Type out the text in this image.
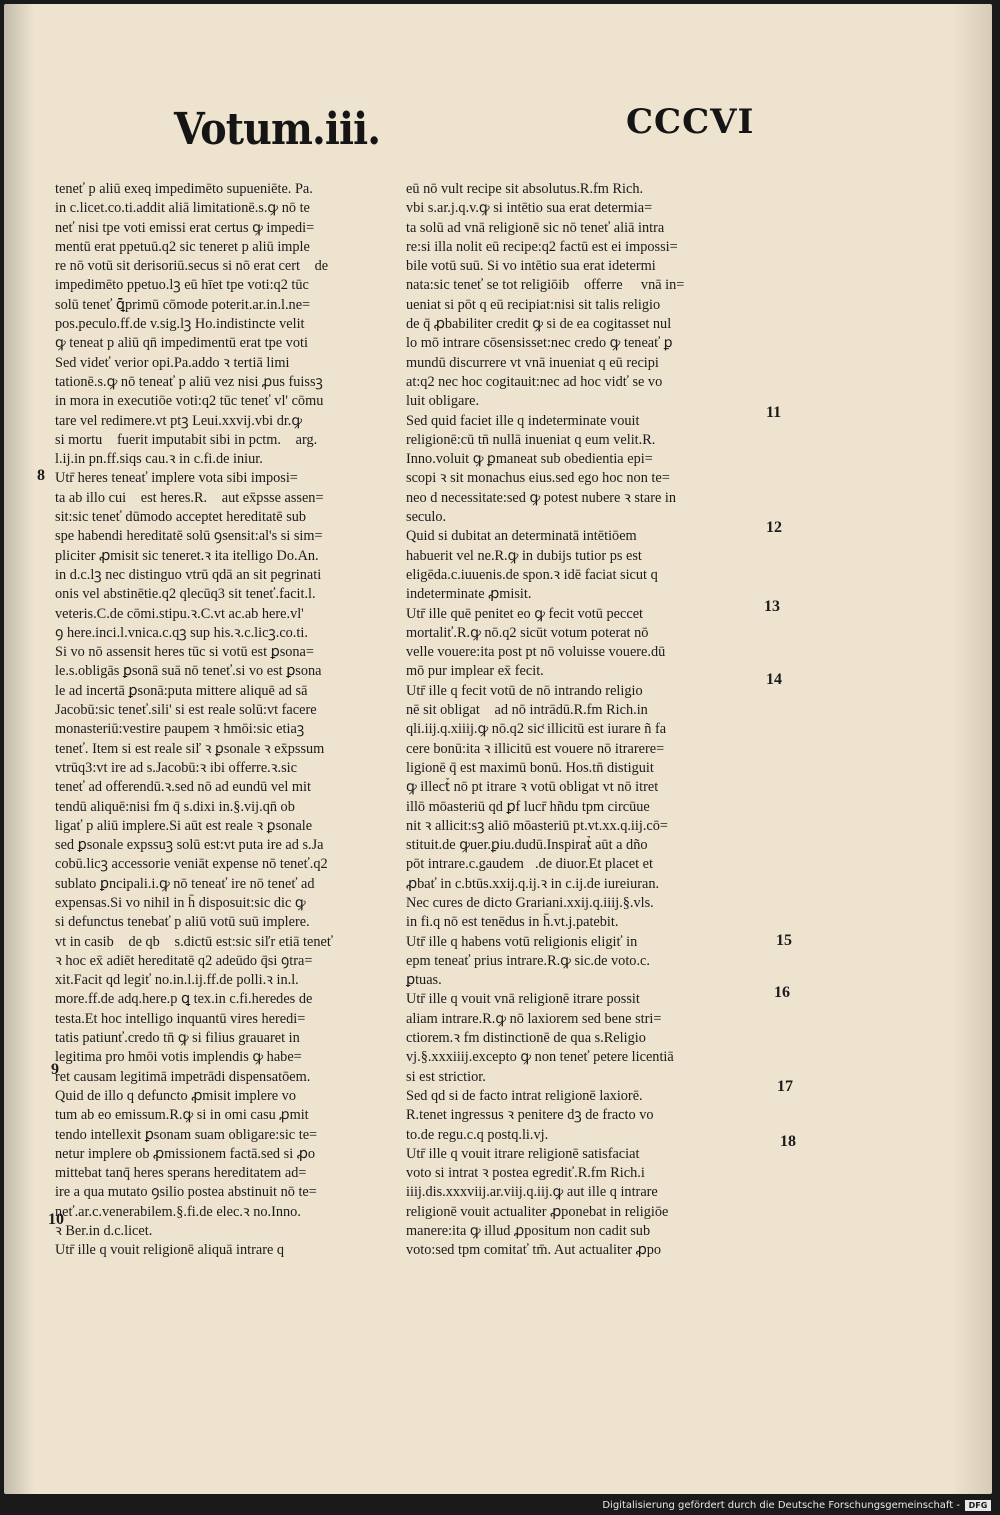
Votum.iii.	CCCVI
teneť p aliū exeq impedimēto supueniēte. Pa.
in c.licet.co.ti.addit aliā limitationē.s.ꝙ nō te
neť nisi tpe voti emissi erat certus ꝙ impedi=
mentū erat ppetuū.q2 sic teneret p aliū imple
re nō votū sit derisoriū.secus si nō erat cert᷒ de
impedimēto ppetuo.lꝫ eū hīet tpe voti:q2 tūc
solū teneť ꝗ̄primū cōmode poterit.ar.in.l.ne=
pos.peculo.ff.de v.sig.lꝫ Ho.indistincte velit
ꝙ teneat p aliū qn̄ impedimentū erat tpe voti
Sed videť verior opi.Pa.addo ꝛ tertiā limi
tationē.s.ꝙ nō teneať p aliū vez nisi ꝓus fuissꝫ
in mora in executiōe voti:q2 tūc teneť vl' cōmu
tare vel redimere.vt ptꝫ Leui.xxvij.vbi dr.ꝙ
si mortu᷒ fuerit imputabit sibi in pctm.ꝛ arg.
l.ij.in pn.ff.siqs cau.ꝛ in c.fi.de iniur.
Utr̄ heres teneať implere vota sibi imposi=
ta ab illo cui᷒ est heres.R.ꝙ aut ex̄psse assen=
sit:sic teneť dūmodo acceptet hereditatē sub
spe habendi hereditatē solū ꝯsensit:al's si sim=
pliciter ꝓmisit sic teneret.ꝛ ita itelligo Do.An.
in d.c.lꝫ nec distinguo vtrū qdā an sit pegrinati
onis vel abstinētie.q2 qlecūq3 sit teneť.facit.l.
veteris.C.de cōmi.stipu.ꝛ.C.vt ac.ab here.vl'
ꝯ here.inci.l.vnica.c.qꝫ sup his.ꝛ.c.licꝫ.co.ti.
Si vo nō assensit heres tūc si votū est ꝑsona=
le.s.obligās ꝑsonā suā nō teneť.si vo est ꝑsona
le ad incertā ꝑsonā:puta mittere aliquē ad sā
Jacobū:sic teneť.sili' si est reale solū:vt facere
monasteriū:vestire paupem ꝛ hmōi:sic etiaꝫ
teneť. Item si est reale siľ ꝛ ꝑsonale ꝛ ex̄pssum
vtrūq3:vt ire ad s.Jacobū:ꝛ ibi offerre.ꝛ.sic
teneť ad offerendū.ꝛ.sed nō ad eundū vel mit
tendū aliquē:nisi fm q̄ s.dixi in.§.vij.qn̄ ob
ligať p aliū implere.Si aūt est reale ꝛ ꝑsonale
sed ꝑsonale expssuꝫ solū est:vt puta ire ad s.Ja
cobū.licꝫ accessorie veniāt expense nō teneť.q2
sublato ꝑncipali.i.ꝙ nō teneať ire nō teneť ad
expensas.Si vo nihil in h̄ disposuit:sic dic ꝙ
si defunctus tenebať p aliū votū suū implere.
vt in casib᷒ de qb᷒ s.dictū est:sic siľr etiā teneť
ꝛ hoc ex̄ adiēt hereditatē q2 adeūdo q̄si ꝯtra=
xit.Facit qd legiť no.in.l.ij.ff.de polli.ꝛ in.l.
more.ff.de adq.here.p ꝗ tex.in c.fi.heredes de
testa.Et hoc intelligo inquantū vires heredi=
tatis patiunť.credo tn̄ ꝙ si filius grauaret in
legitima pro hmōi votis implendis ꝙ habe=
ret causam legitimā impetrādi dispensatōem.
Quid de illo q defuncto ꝓmisit implere vo
tum ab eo emissum.R.ꝙ si in omi casu ꝓmit
tendo intellexit ꝑsonam suam obligare:sic te=
netur implere ob ꝓmissionem factā.sed si ꝓo
mittebat tanq̄ heres sperans hereditatem ad=
ire a qua mutato ꝯsilio postea abstinuit nō te=
neť.ar.c.venerabilem.§.fi.de elec.ꝛ no.Inno.
ꝛ Ber.in d.c.licet.
Utr̄ ille q vouit religionē aliquā intrare q
eū nō vult recipe sit absolutus.R.fm Rich.
vbi s.ar.j.q.v.ꝙ si intētio sua erat determia=
ta solū ad vnā religionē sic nō teneť aliā intra
re:si illa nolit eū recipe:q2 factū est ei impossi=
bile votū suū. Si vo intētio sua erat idetermi
nata:sic teneť se tot religiōib᷒ offerre ꝙ vnā in=
ueniat si pōt q eū recipiat:nisi sit talis religio
de q̄ ꝓbabiliter credit ꝙ si de ea cogitasset nul
lo mō intrare cōsensisset:nec credo ꝙ teneať ꝑ
mundū discurrere vt vnā inueniat q eū recipi
at:q2 nec hoc cogitauit:nec ad hoc vidť se vo
luit obligare.
Sed quid faciet ille q indeterminate vouit
religionē:cū tn̄ nullā inueniat q eum velit.R.
Inno.voluit ꝙ ꝑmaneat sub obedientia epi=
scopi ꝛ sit monachus eius.sed ego hoc non te=
neo d necessitate:sed ꝙ potest nubere ꝛ stare in
seculo.
Quid si dubitat an determinatā intētiōem
habuerit vel ne.R.ꝙ in dubijs tutior ps est
eligēda.c.iuuenis.de spon.ꝛ idē faciat sicut q
indeterminate ꝓmisit.
Utr̄ ille quē penitet eo ꝙ fecit votū peccet
mortaliť.R.ꝙ nō.q2 sicūt votum poterat nō
velle vouere:ita post pt nō voluisse vouere.dū
mō pur implear ex̄ fecit.
Utr̄ ille q fecit votū de nō intrando religio
nē sit obligat᷒ ad nō intrādū.R.fm Rich.in
qli.iij.q.xiiij.ꝙ nō.q2 sicͭ illicitū est iurare ñ fa
cere bonū:ita ꝛ illicitū est vouere nō itrarere=
ligionē q̄ est maximū bonū. Hos.tn̄ distiguit
ꝙ illect᷒ nō pt itrare ꝛ votū obligat vt nō itret
illō mōasteriū qd ꝑf lucr̄ hñdu tpm circūue
nit ꝛ allicit:sꝫ aliō mōasteriū pt.vt.xx.q.iij.cō=
stituit.de ꝙuer.ꝑiu.dudū.Inspirat᷒ aūt a dño
pōt intrare.c.gaudem᷒.de diuor.Et placet et
ꝓbať in c.btūs.xxij.q.ij.ꝛ in c.ij.de iureiuran.
Nec cures de dicto Grariani.xxij.q.iiij.§.vls.
in fi.q nō est tenēdus in h̄.vt.j.patebit.
Utr̄ ille q habens votū religionis eligiť in
epm teneať prius intrare.R.ꝙ sic.de voto.c.
ꝑtuas.
Utr̄ ille q vouit vnā religionē itrare possit
aliam intrare.R.ꝙ nō laxiorem sed bene stri=
ctiorem.ꝛ fm distinctionē de qua s.Religio
vj.§.xxxiiij.excepto ꝙ non teneť petere licentiā
si est strictior.
Sed qd si de facto intrat religionē laxiorē.
R.tenet ingressus ꝛ penitere dꝫ de fracto vo
to.de regu.c.q postq.li.vj.
Utr̄ ille q vouit itrare religionē satisfaciat
voto si intrat ꝛ postea egrediť.R.fm Rich.i
iiij.dis.xxxviij.ar.viij.q.iij.ꝙ aut ille q intrare
religionē vouit actualiter ꝓponebat in religiōe
manere:ita ꝙ illud ꝓpositum non cadit sub
voto:sed tpm comitať tm̄. Aut actualiter ꝓpo
8
9
10
11
12
13
14
15
16
17
18
Digitalisierung gefördert durch die Deutsche Forschungsgemeinschaft -	DFG
